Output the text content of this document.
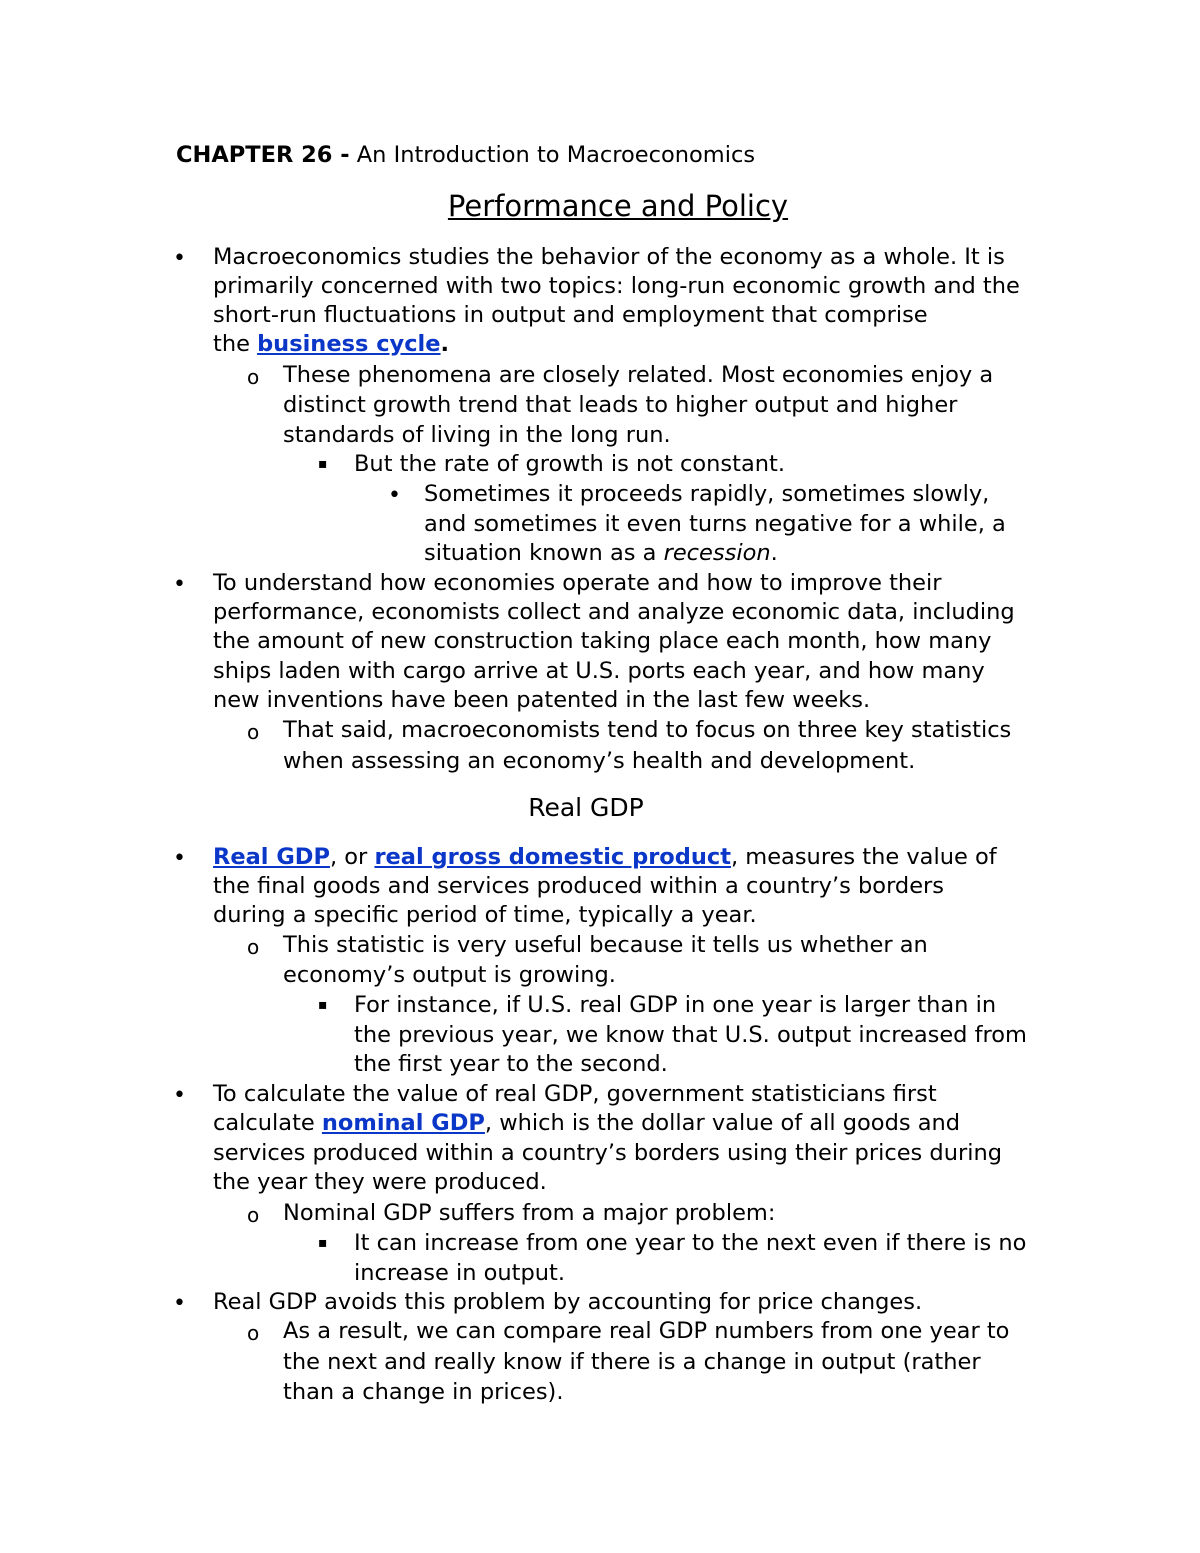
CHAPTER 26 - An Introduction to Macroeconomics
Performance and Policy
• Macroeconomics studies the behavior of the economy as a whole. It is
primarily concerned with two topics: long-run economic growth and the
short-run fluctuations in output and employment that comprise
the business cycle.
o These phenomena are closely related. Most economies enjoy a
distinct growth trend that leads to higher output and higher
standards of living in the long run.
▪ But the rate of growth is not constant.
• Sometimes it proceeds rapidly, sometimes slowly,
and sometimes it even turns negative for a while, a
situation known as a recession.
• To understand how economies operate and how to improve their
performance, economists collect and analyze economic data, including
the amount of new construction taking place each month, how many
ships laden with cargo arrive at U.S. ports each year, and how many
new inventions have been patented in the last few weeks.
o That said, macroeconomists tend to focus on three key statistics
when assessing an economy’s health and development.
Real GDP
• Real GDP, or real gross domestic product, measures the value of
the final goods and services produced within a country’s borders
during a specific period of time, typically a year.
o This statistic is very useful because it tells us whether an
economy’s output is growing.
▪ For instance, if U.S. real GDP in one year is larger than in
the previous year, we know that U.S. output increased from
the first year to the second.
• To calculate the value of real GDP, government statisticians first
calculate nominal GDP, which is the dollar value of all goods and
services produced within a country’s borders using their prices during
the year they were produced.
o Nominal GDP suffers from a major problem:
▪ It can increase from one year to the next even if there is no
increase in output.
• Real GDP avoids this problem by accounting for price changes.
o As a result, we can compare real GDP numbers from one year to
the next and really know if there is a change in output (rather
than a change in prices).
